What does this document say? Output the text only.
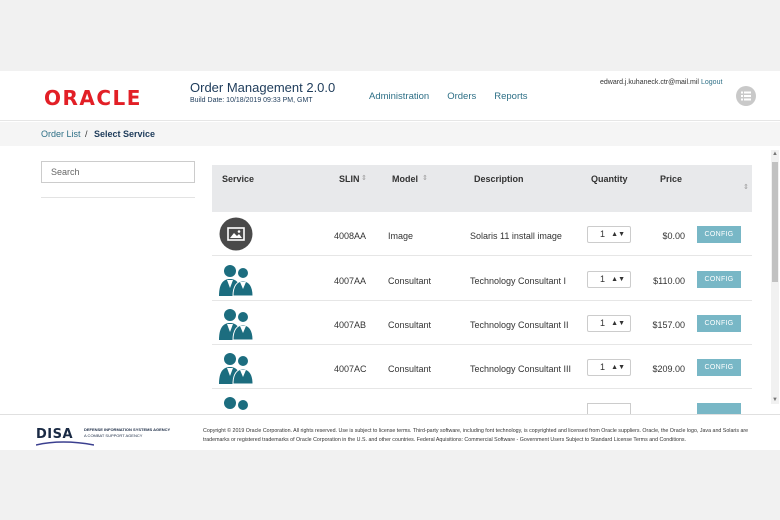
ORACLE	Order Management 2.0.0
Build Date: 10/18/2019 09:33 PM, GMT	Administration Orders Reports
edward.j.kuhaneck.ctr@mail.mil Logout
Order List / Select Service
Search
Service	SLIN ⇕	Model ⇕	Description	Quantity	Price
⇕
4008AA Image	Solaris 11 install image	1 ▲▼	$0.00	CONFIG
4007AA Consultant	Technology Consultant I	1 ▲▼	$110.00	CONFIG
4007AB Consultant	Technology Consultant II	1 ▲▼	$157.00	CONFIG
4007AC Consultant	Technology Consultant III	1 ▲▼	$209.00	CONFIG
▲
▼
DISA	DEFENSE INFORMATION SYSTEMS AGENCY
A COMBAT SUPPORT AGENCY
Copyright © 2019 Oracle Corporation. All rights reserved. Use is subject to license terms. Third-party software, including font technology, is copyrighted and licensed from Oracle suppliers. Oracle, the Oracle logo, Java and Solaris are trademarks or registered trademarks of Oracle Corporation in the U.S. and other countries. Federal Aquisitions: Commercial Software - Government Users Subject to Standard License Terms and Conditions.
